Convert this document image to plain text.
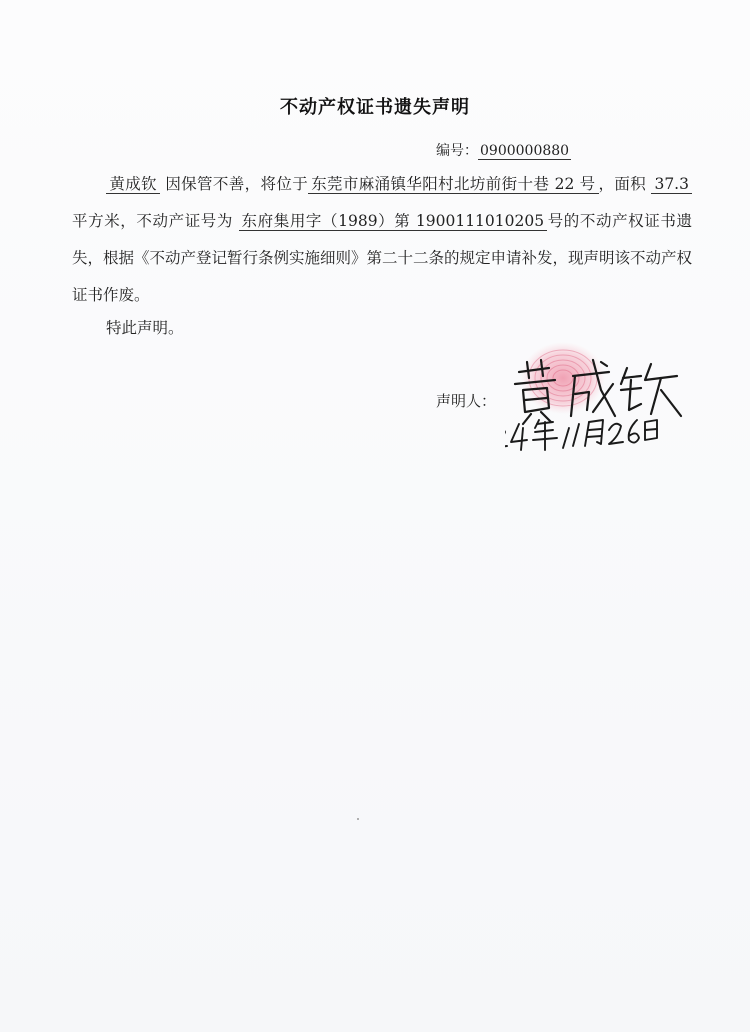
不动产权证书遗失声明
编号： 0900000880
黄成钦 因保管不善，将位于 东莞市麻涌镇华阳村北坊前街十巷 22 号 ，面积 37.3 平方米，不动产证号为 东府集用字（1989）第 1900111010205 号的不动产权证书遗失，根据《不动产登记暂行条例实施细则》第二十二条的规定申请补发，现声明该不动产权证书作废。
特此声明。
声明人：
